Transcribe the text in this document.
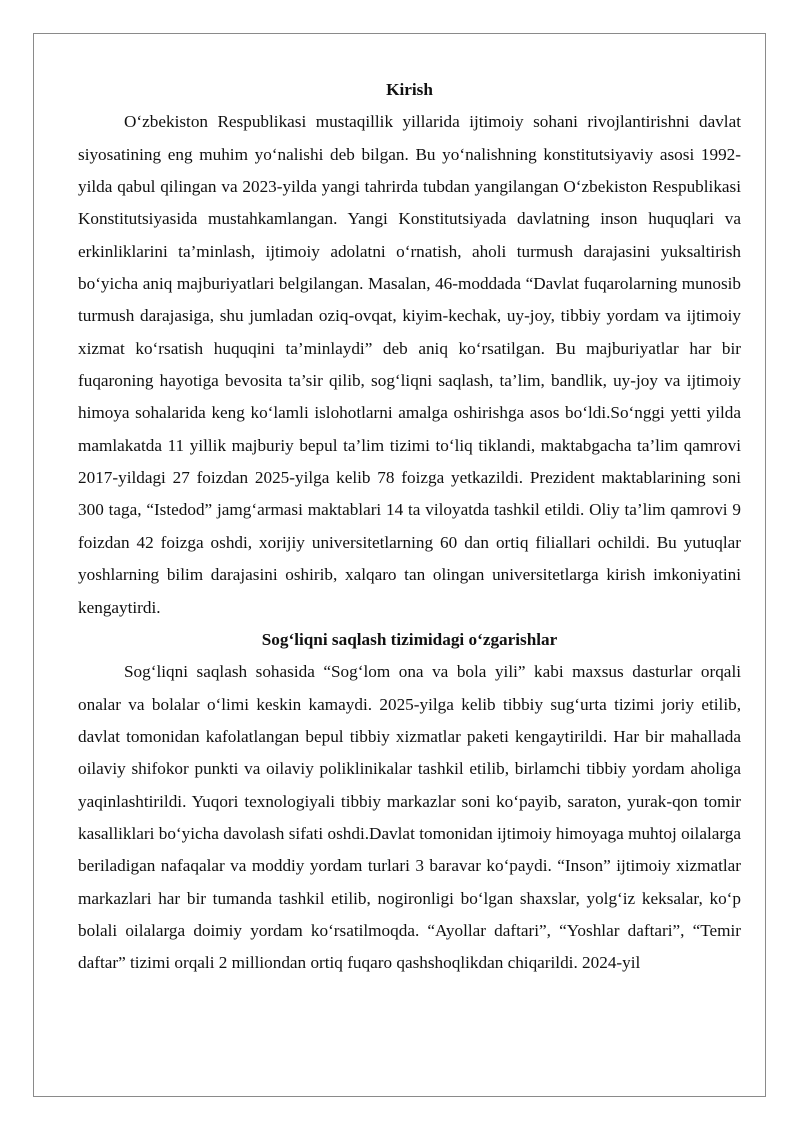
Kirish

O‘zbekiston Respublikasi mustaqillik yillarida ijtimoiy sohani rivojlantirishni davlat siyosatining eng muhim yo‘nalishi deb bilgan. Bu yo‘nalishning konstitutsiyaviy asosi 1992-yilda qabul qilingan va 2023-yilda yangi tahrirda tubdan yangilangan O‘zbekiston Respublikasi Konstitutsiyasida mustahkamlangan. Yangi Konstitutsiyada davlatning inson huquqlari va erkinliklarini ta’minlash, ijtimoiy adolatni o‘rnatish, aholi turmush darajasini yuksaltirish bo‘yicha aniq majburiyatlari belgilangan. Masalan, 46-moddada “Davlat fuqarolarning munosib turmush darajasiga, shu jumladan oziq-ovqat, kiyim-kechak, uy-joy, tibbiy yordam va ijtimoiy xizmat ko‘rsatish huquqini ta’minlaydi” deb aniq ko‘rsatilgan. Bu majburiyatlar har bir fuqaroning hayotiga bevosita ta’sir qilib, sog‘liqni saqlash, ta’lim, bandlik, uy-joy va ijtimoiy himoya sohalarida keng ko‘lamli islohotlarni amalga oshirishga asos bo‘ldi.So‘nggi yetti yilda mamlakatda 11 yillik majburiy bepul ta’lim tizimi to‘liq tiklandi, maktabgacha ta’lim qamrovi 2017-yildagi 27 foizdan 2025-yilga kelib 78 foizga yetkazildi. Prezident maktablarining soni 300 taga, “Istedod” jamg‘armasi maktablari 14 ta viloyatda tashkil etildi. Oliy ta’lim qamrovi 9 foizdan 42 foizga oshdi, xorijiy universitetlarning 60 dan ortiq filiallari ochildi. Bu yutuqlar yoshlarning bilim darajasini oshirib, xalqaro tan olingan universitetlarga kirish imkoniyatini kengaytirdi.

Sog‘liqni saqlash tizimidagi o‘zgarishlar

Sog‘liqni saqlash sohasida “Sog‘lom ona va bola yili” kabi maxsus dasturlar orqali onalar va bolalar o‘limi keskin kamaydi. 2025-yilga kelib tibbiy sug‘urta tizimi joriy etilib, davlat tomonidan kafolatlangan bepul tibbiy xizmatlar paketi kengaytirildi. Har bir mahallada oilaviy shifokor punkti va oilaviy poliklinikalar tashkil etilib, birlamchi tibbiy yordam aholiga yaqinlashtirildi. Yuqori texnologiyali tibbiy markazlar soni ko‘payib, saraton, yurak-qon tomir kasalliklari bo‘yicha davolash sifati oshdi.Davlat tomonidan ijtimoiy himoyaga muhtoj oilalarga beriladigan nafaqalar va moddiy yordam turlari 3 baravar ko‘paydi. “Inson” ijtimoiy xizmatlar markazlari har bir tumanda tashkil etilib, nogironligi bo‘lgan shaxslar, yolg‘iz keksalar, ko‘p bolali oilalarga doimiy yordam ko‘rsatilmoqda. “Ayollar daftari”, “Yoshlar daftari”, “Temir daftar” tizimi orqali 2 milliondan ortiq fuqaro qashshoqlikdan chiqarildi. 2024-yil
